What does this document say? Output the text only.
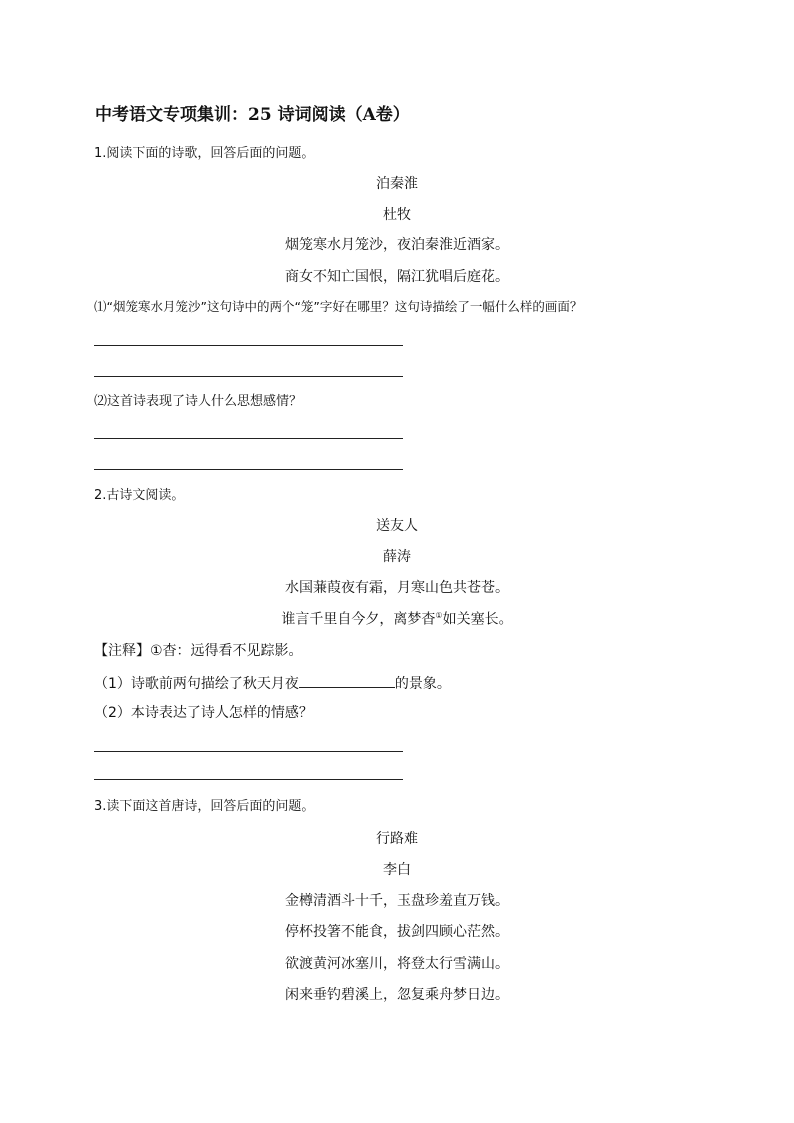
中考语文专项集训：25 诗词阅读（A卷）
1.阅读下面的诗歌，回答后面的问题。
泊秦淮
杜牧
烟笼寒水月笼沙，夜泊秦淮近酒家。
商女不知亡国恨，隔江犹唱后庭花。
⑴“烟笼寒水月笼沙”这句诗中的两个“笼”字好在哪里？这句诗描绘了一幅什么样的画面？
⑵这首诗表现了诗人什么思想感情？
2.古诗文阅读。
送友人
薛涛
水国蒹葭夜有霜，月寒山色共苍苍。
谁言千里自今夕，离梦杳①如关塞长。
【注释】①杳：远得看不见踪影。
（1）诗歌前两句描绘了秋天月夜	的景象。
（2）本诗表达了诗人怎样的情感？
3.读下面这首唐诗，回答后面的问题。
行路难
李白
金樽清酒斗十千，玉盘珍羞直万钱。
停杯投箸不能食，拔剑四顾心茫然。
欲渡黄河冰塞川，将登太行雪满山。
闲来垂钓碧溪上，忽复乘舟梦日边。
